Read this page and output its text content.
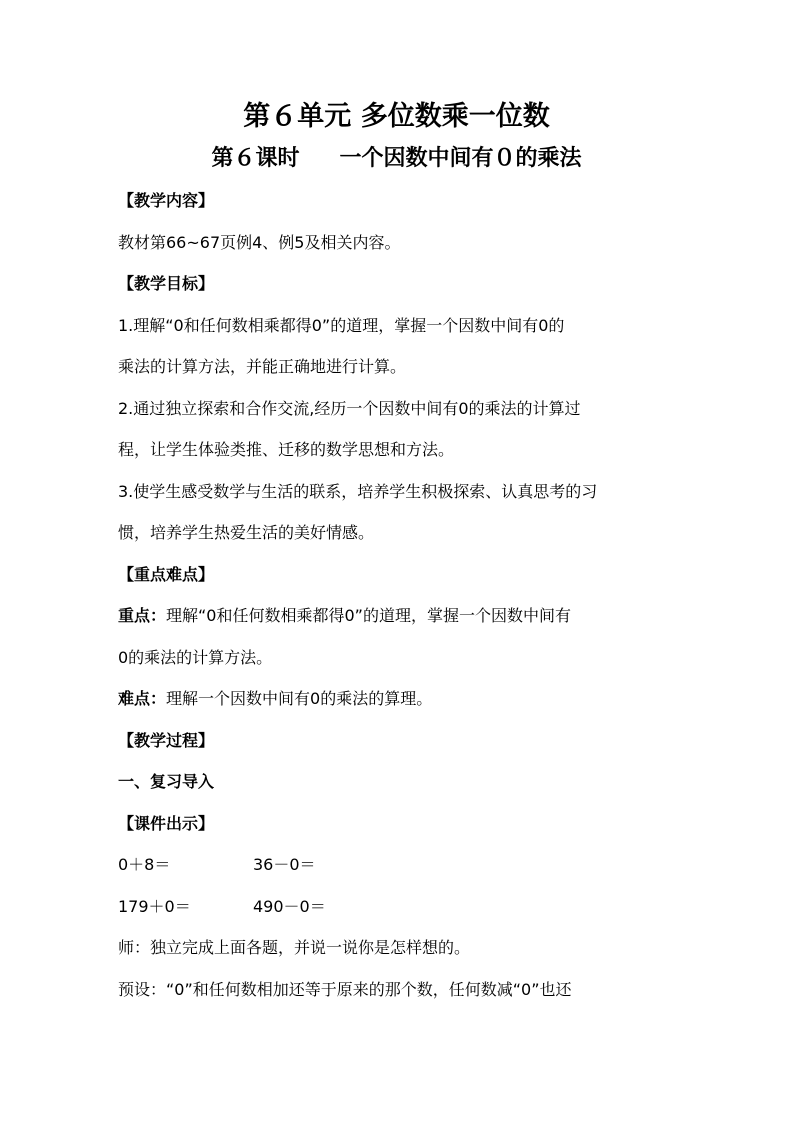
第６单元 多位数乘一位数
第６课时 一个因数中间有０的乘法
【教学内容】
教材第66~67页例4、例5及相关内容。
【教学目标】
1.理解“0和任何数相乘都得0”的道理，掌握一个因数中间有0的
乘法的计算方法，并能正确地进行计算。
2.通过独立探索和合作交流,经历一个因数中间有0的乘法的计算过
程，让学生体验类推、迁移的数学思想和方法。
3.使学生感受数学与生活的联系，培养学生积极探索、认真思考的习
惯，培养学生热爱生活的美好情感。
【重点难点】
重点：理解“0和任何数相乘都得0”的道理，掌握一个因数中间有
0的乘法的计算方法。
难点：理解一个因数中间有0的乘法的算理。
【教学过程】
一、复习导入
【课件出示】
0＋8＝	36－0＝
179＋0＝	490－0＝
师：独立完成上面各题，并说一说你是怎样想的。
预设：“0”和任何数相加还等于原来的那个数，任何数减“0”也还
